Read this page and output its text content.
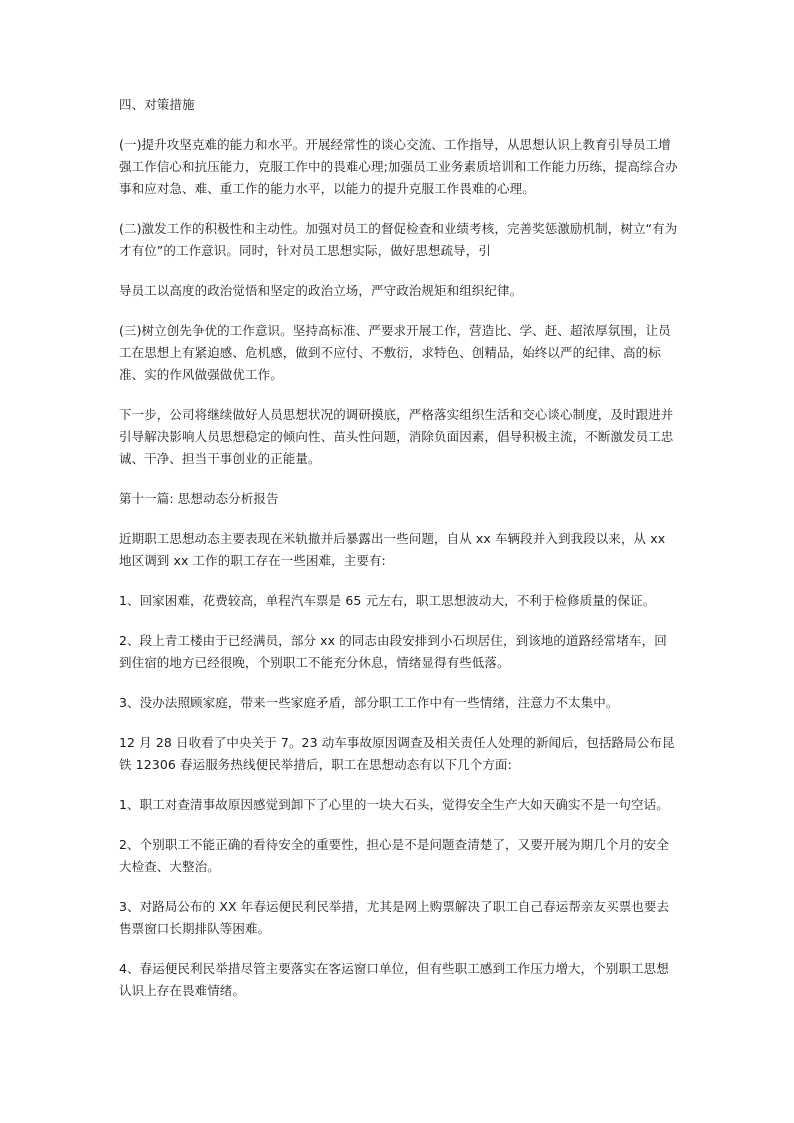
四、对策措施

(一)提升攻坚克难的能力和水平。开展经常性的谈心交流、工作指导，从思想认识上教育引导员工增强工作信心和抗压能力，克服工作中的畏难心理;加强员工业务素质培训和工作能力历练，提高综合办事和应对急、难、重工作的能力水平，以能力的提升克服工作畏难的心理。

(二)激发工作的积极性和主动性。加强对员工的督促检查和业绩考核，完善奖惩激励机制，树立“有为才有位”的工作意识。同时，针对员工思想实际，做好思想疏导，引

导员工以高度的政治觉悟和坚定的政治立场，严守政治规矩和组织纪律。

(三)树立创先争优的工作意识。坚持高标准、严要求开展工作，营造比、学、赶、超浓厚氛围，让员工在思想上有紧迫感、危机感，做到不应付、不敷衍，求特色、创精品，始终以严的纪律、高的标准、实的作风做强做优工作。

下一步，公司将继续做好人员思想状况的调研摸底，严格落实组织生活和交心谈心制度，及时跟进并引导解决影响人员思想稳定的倾向性、苗头性问题，消除负面因素，倡导积极主流，不断激发员工忠诚、干净、担当干事创业的正能量。

第十一篇: 思想动态分析报告

近期职工思想动态主要表现在米轨撤并后暴露出一些问题，自从 xx 车辆段并入到我段以来，从 xx 地区调到 xx 工作的职工存在一些困难，主要有:

1、回家困难，花费较高，单程汽车票是 65 元左右，职工思想波动大，不利于检修质量的保证。

2、段上青工楼由于已经满员，部分 xx 的同志由段安排到小石坝居住，到该地的道路经常堵车，回到住宿的地方已经很晚，个别职工不能充分休息，情绪显得有些低落。

3、没办法照顾家庭，带来一些家庭矛盾，部分职工工作中有一些情绪，注意力不太集中。

12 月 28 日收看了中央关于 7。23 动车事故原因调查及相关责任人处理的新闻后，包括路局公布昆铁 12306 春运服务热线便民举措后，职工在思想动态有以下几个方面:

1、职工对查清事故原因感觉到卸下了心里的一块大石头，觉得安全生产大如天确实不是一句空话。

2、个别职工不能正确的看待安全的重要性，担心是不是问题查清楚了，又要开展为期几个月的安全大检查、大整治。

3、对路局公布的 XX 年春运便民利民举措，尤其是网上购票解决了职工自己春运帮亲友买票也要去售票窗口长期排队等困难。

4、春运便民利民举措尽管主要落实在客运窗口单位，但有些职工感到工作压力增大，个别职工思想认识上存在畏难情绪。
